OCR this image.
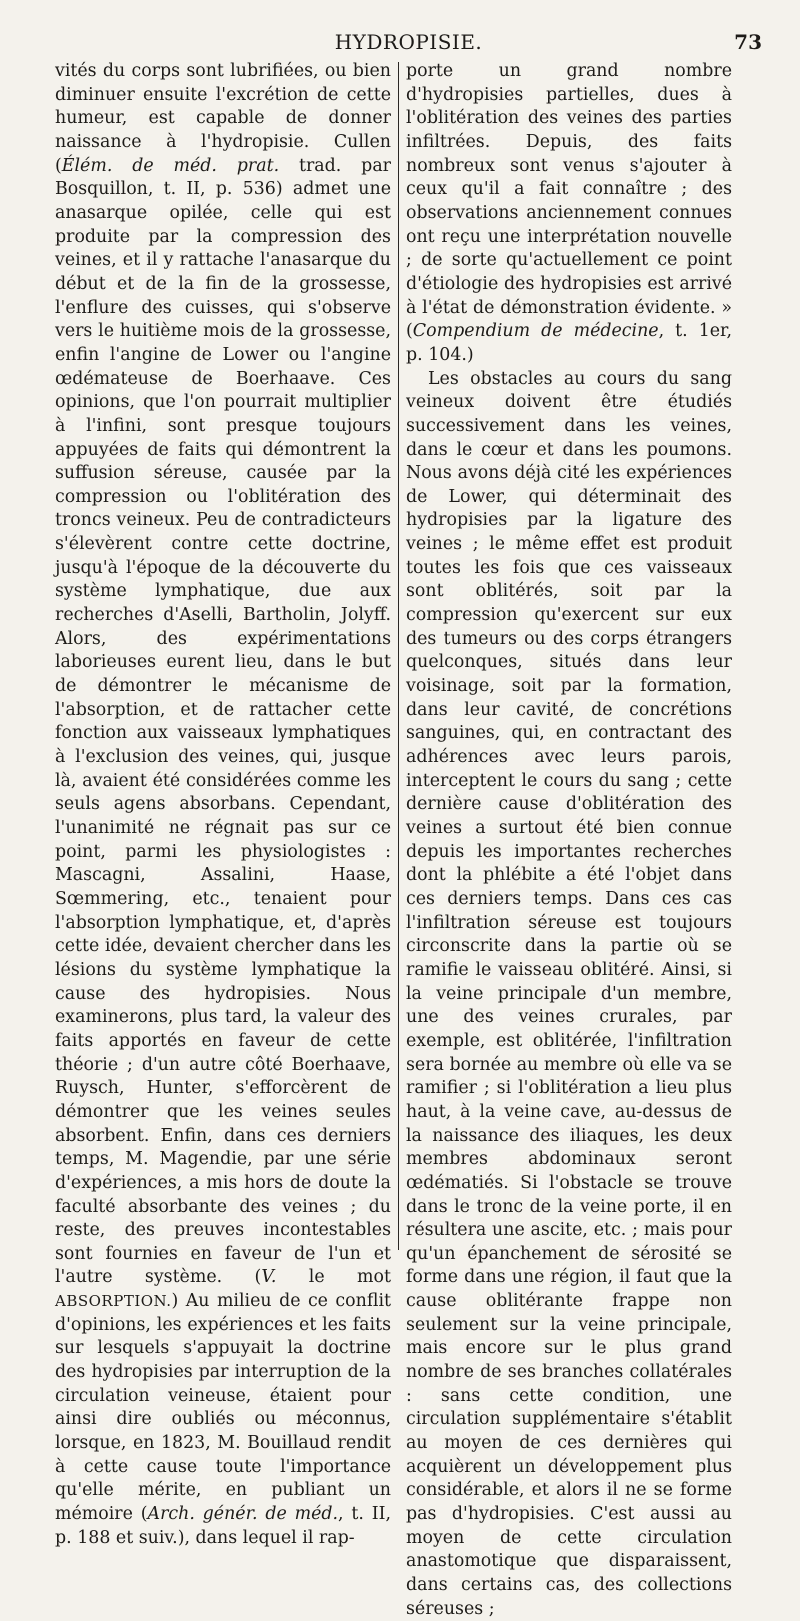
HYDROPISIE.	73

vités du corps sont lubrifiées, ou bien diminuer ensuite l'excrétion de cette humeur, est capable de donner naissance à l'hydropisie. Cullen (Élém. de méd. prat. trad. par Bosquillon, t. II, p. 536) admet une anasarque opilée, celle qui est produite par la compression des veines, et il y rattache l'anasarque du début et de la fin de la grossesse, l'enflure des cuisses, qui s'observe vers le huitième mois de la grossesse, enfin l'angine de Lower ou l'angine œdémateuse de Boerhaave. Ces opinions, que l'on pourrait multiplier à l'infini, sont presque toujours appuyées de faits qui démontrent la suffusion séreuse, causée par la compression ou l'oblitération des troncs veineux. Peu de contradicteurs s'élevèrent contre cette doctrine, jusqu'à l'époque de la découverte du système lymphatique, due aux recherches d'Aselli, Bartholin, Jolyff. Alors, des expérimentations laborieuses eurent lieu, dans le but de démontrer le mécanisme de l'absorption, et de rattacher cette fonction aux vaisseaux lymphatiques à l'exclusion des veines, qui, jusque là, avaient été considérées comme les seuls agens absorbans. Cependant, l'unanimité ne régnait pas sur ce point, parmi les physiologistes : Mascagni, Assalini, Haase, Sœmmering, etc., tenaient pour l'absorption lymphatique, et, d'après cette idée, devaient chercher dans les lésions du système lymphatique la cause des hydropisies. Nous examinerons, plus tard, la valeur des faits apportés en faveur de cette théorie ; d'un autre côté Boerhaave, Ruysch, Hunter, s'efforcèrent de démontrer que les veines seules absorbent. Enfin, dans ces derniers temps, M. Magendie, par une série d'expériences, a mis hors de doute la faculté absorbante des veines ; du reste, des preuves incontestables sont fournies en faveur de l'un et l'autre système. (V. le mot ABSORPTION.) Au milieu de ce conflit d'opinions, les expériences et les faits sur lesquels s'appuyait la doctrine des hydropisies par interruption de la circulation veineuse, étaient pour ainsi dire oubliés ou méconnus, lorsque, en 1823, M. Bouillaud rendit à cette cause toute l'importance qu'elle mérite, en publiant un mémoire (Arch. génér. de méd., t. II, p. 188 et suiv.), dans lequel il rap-

porte un grand nombre d'hydropisies partielles, dues à l'oblitération des veines des parties infiltrées. Depuis, des faits nombreux sont venus s'ajouter à ceux qu'il a fait connaître ; des observations anciennement connues ont reçu une interprétation nouvelle ; de sorte qu'actuellement ce point d'étiologie des hydropisies est arrivé à l'état de démonstration évidente. » (Compendium de médecine, t. 1er, p. 104.)

Les obstacles au cours du sang veineux doivent être étudiés successivement dans les veines, dans le cœur et dans les poumons. Nous avons déjà cité les expériences de Lower, qui déterminait des hydropisies par la ligature des veines ; le même effet est produit toutes les fois que ces vaisseaux sont oblitérés, soit par la compression qu'exercent sur eux des tumeurs ou des corps étrangers quelconques, situés dans leur voisinage, soit par la formation, dans leur cavité, de concrétions sanguines, qui, en contractant des adhérences avec leurs parois, interceptent le cours du sang ; cette dernière cause d'oblitération des veines a surtout été bien connue depuis les importantes recherches dont la phlébite a été l'objet dans ces derniers temps. Dans ces cas l'infiltration séreuse est toujours circonscrite dans la partie où se ramifie le vaisseau oblitéré. Ainsi, si la veine principale d'un membre, une des veines crurales, par exemple, est oblitérée, l'infiltration sera bornée au membre où elle va se ramifier ; si l'oblitération a lieu plus haut, à la veine cave, au-dessus de la naissance des iliaques, les deux membres abdominaux seront œdématiés. Si l'obstacle se trouve dans le tronc de la veine porte, il en résultera une ascite, etc. ; mais pour qu'un épanchement de sérosité se forme dans une région, il faut que la cause oblitérante frappe non seulement sur la veine principale, mais encore sur le plus grand nombre de ses branches collatérales : sans cette condition, une circulation supplémentaire s'établit au moyen de ces dernières qui acquièrent un développement plus considérable, et alors il ne se forme pas d'hydropisies. C'est aussi au moyen de cette circulation anastomotique que disparaissent, dans certains cas, des collections séreuses ;
